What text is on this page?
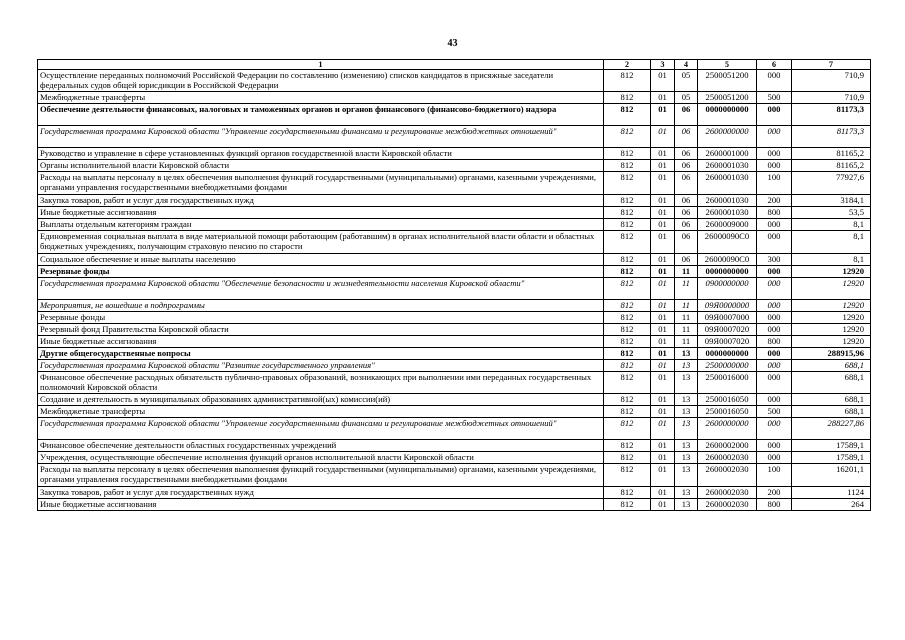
43
1	2	3	4	5	6	7
Осуществление переданных полномочий Российской Федерации по составлению (изменению) списков кандидатов в присяжные заседатели федеральных судов общей юрисдикции в Российской Федерации	812	01	05	2500051200	000	710,9
Межбюджетные трансферты	812	01	05	2500051200	500	710,9
Обеспечение деятельности финансовых, налоговых и таможенных органов и органов финансового (финансово-бюджетного) надзора	812	01	06	0000000000	000	81173,3
Государственная программа Кировской области "Управление государственными финансами и регулирование межбюджетных отношений"	812	01	06	2600000000	000	81173,3
Руководство и управление в сфере установленных функций органов государственной власти Кировской области	812	01	06	2600001000	000	81165,2
Органы исполнительной власти Кировской области	812	01	06	2600001030	000	81165,2
Расходы на выплаты персоналу в целях обеспечения выполнения функций государственными (муниципальными) органами, казенными учреждениями, органами управления государственными внебюджетными фондами	812	01	06	2600001030	100	77927,6
Закупка товаров, работ и услуг для государственных нужд	812	01	06	2600001030	200	3184,1
Иные бюджетные ассигнования	812	01	06	2600001030	800	53,5
Выплаты отдельным категориям граждан	812	01	06	2600009000	000	8,1
Единовременная социальная выплата в виде материальной помощи работающим (работавшим) в органах исполнительной власти области и областных бюджетных учреждениях, получающим страховую пенсию по старости	812	01	06	26000090С0	000	8,1
Социальное обеспечение и иные выплаты населению	812	01	06	26000090С0	300	8,1
Резервные фонды	812	01	11	0000000000	000	12920
Государственная программа Кировской области "Обеспечение безопасности и жизнедеятельности населения Кировской области"	812	01	11	0900000000	000	12920
Мероприятия, не вошедшие в подпрограммы	812	01	11	09Я0000000	000	12920
Резервные фонды	812	01	11	09Я0007000	000	12920
Резервный фонд Правительства Кировской области	812	01	11	09Я0007020	000	12920
Иные бюджетные ассигнования	812	01	11	09Я0007020	800	12920
Другие общегосударственные вопросы	812	01	13	0000000000	000	288915,96
Государственная программа Кировской области "Развитие государственного управления"	812	01	13	2500000000	000	688,1
Финансовое обеспечение расходных обязательств публично-правовых образований, возникающих при выполнении ими переданных государственных полномочий Кировской области	812	01	13	2500016000	000	688,1
Создание и деятельность в муниципальных образованиях административной(ых) комиссии(ий)	812	01	13	2500016050	000	688,1
Межбюджетные трансферты	812	01	13	2500016050	500	688,1
Государственная программа Кировской области "Управление государственными финансами и регулирование межбюджетных отношений"	812	01	13	2600000000	000	288227,86
Финансовое обеспечение деятельности областных государственных учреждений	812	01	13	2600002000	000	17589,1
Учреждения, осуществляющие обеспечение исполнения функций органов исполнительной власти Кировской области	812	01	13	2600002030	000	17589,1
Расходы на выплаты персоналу в целях обеспечения выполнения функций государственными (муниципальными) органами, казенными учреждениями, органами управления государственными внебюджетными фондами	812	01	13	2600002030	100	16201,1
Закупка товаров, работ и услуг для государственных нужд	812	01	13	2600002030	200	1124
Иные бюджетные ассигнования	812	01	13	2600002030	800	264
